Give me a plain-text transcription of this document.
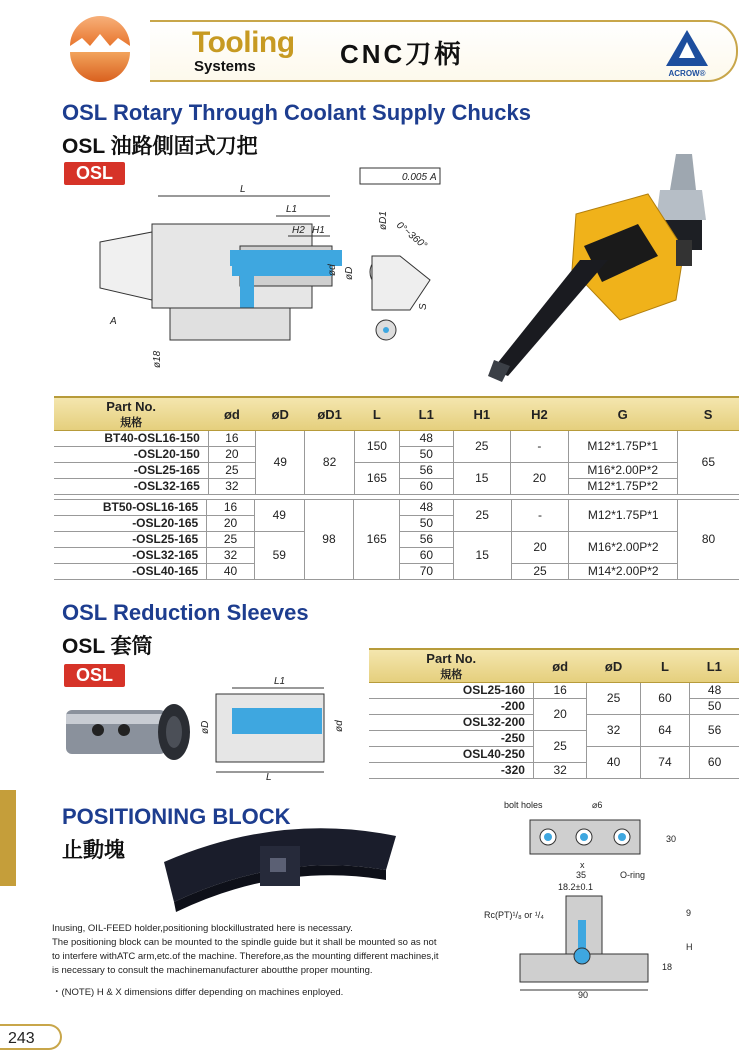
Tooling
Systems	CNC刀柄
ACROW®
OSL Rotary Through Coolant Supply Chucks
OSL 油路側固式刀把
OSL
L
L1
H2 H1
ød øD
0.005 A
A
øD1 0°~360°
S
ø18
Part No.
規格	ød	øD	øD1	L	L1	H1	H2	G	S
BT40-OSL16-150	16	49	82	150	48	25	-	M12*1.75P*1	65
-OSL20-150	20				50				
-OSL25-165	25			165	56	15	20	M16*2.00P*2	
-OSL32-165	32				60			M12*1.75P*2	
BT50-OSL16-165	16	49	98	165	48	25	-	M12*1.75P*1	80
-OSL20-165	20				50				
-OSL25-165	25	59			56	15	20	M16*2.00P*2	
-OSL32-165	32				60				
-OSL40-165	40				70		25	M14*2.00P*2	
OSL Reduction Sleeves
OSL 套筒
OSL	L1
L
øD	ød
Part No.
規格	ød	øD	L	L1
OSL25-160	16	25	60	48
-200	20			50
OSL32-200		32	64	56
-250	25			
OSL40-250		40	74	60
-320	32			
POSITIONING BLOCK
止動塊
bolt holes	⌀6
30
x
35
18.2±0.1
O-ring
Rc(PT)¹/₈ or ¹/₄	9
H
18
90
Inusing, OIL-FEED holder,positioning blockillustrated here is necessary.
The positioning block can be mounted to the spindle guide but it shall be mounted so as not
to interfere withATC arm,etc.of the machine. Therefore,as the mounting different machines,it
is necessary to consult the machinemanufacturer aboutthe proper mounting.
・(NOTE) H & X dimensions differ depending on machines enployed.
243
